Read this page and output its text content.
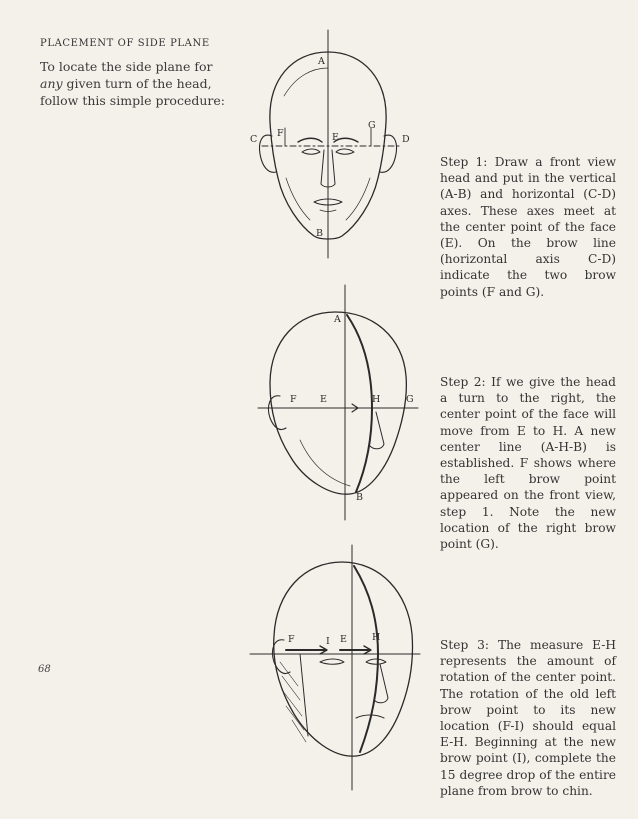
PLACEMENT OF SIDE PLANE
To locate the side plane for any given turn of the head, follow this simple procedure:
Step 1: Draw a front view head and put in the vertical (A-B) and horizontal (C-D) axes. These axes meet at the center point of the face (E). On the brow line (horizontal axis C-D) indicate the two brow points (F and G).
Step 2: If we give the head a turn to the right, the center point of the face will move from E to H. A new center line (A-H-B) is established. F shows where the left brow point appeared on the front view, step 1. Note the new location of the right brow point (G).
Step 3: The measure E-H represents the amount of rotation of the center point. The rotation of the old left brow point to its new location (F-I) should equal E-H. Beginning at the new brow point (I), complete the 15 degree drop of the entire plane from brow to chin.
68
A
B
C	D
E
F
G
A
B
E
F	G
H
E
F	H
I
